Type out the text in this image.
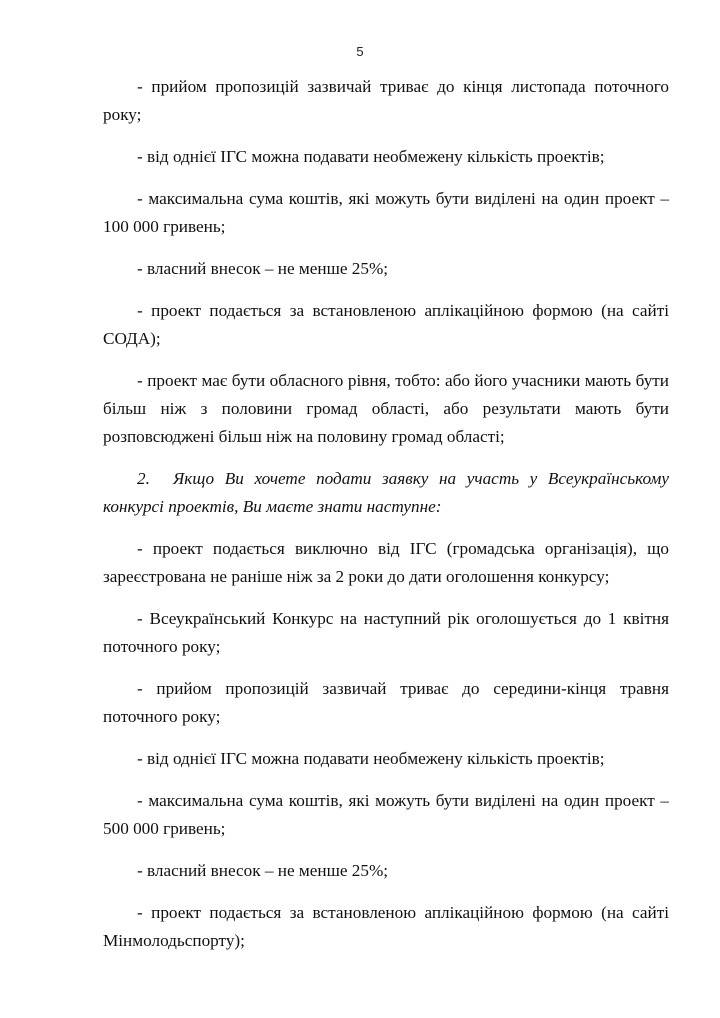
5

- прийом пропозицій зазвичай триває до кінця листопада поточного року;

- від однієї ІГС можна подавати необмежену кількість проектів;

- максимальна сума коштів, які можуть бути виділені на один проект – 100 000 гривень;

- власний внесок – не менше 25%;

- проект подається за встановленою аплікаційною формою (на сайті СОДА);

- проект має бути обласного рівня, тобто: або його учасники мають бути більш ніж з половини громад області, або результати мають бути розповсюджені більш ніж на половину громад області;

2. Якщо Ви хочете подати заявку на участь у Всеукраїнському конкурсі проектів, Ви маєте знати наступне:

- проект подається виключно від ІГС (громадська організація), що зареєстрована не раніше ніж за 2 роки до дати оголошення конкурсу;

- Всеукраїнський Конкурс на наступний рік оголошується до 1 квітня поточного року;

- прийом пропозицій зазвичай триває до середини-кінця травня поточного року;

- від однієї ІГС можна подавати необмежену кількість проектів;

- максимальна сума коштів, які можуть бути виділені на один проект – 500 000 гривень;

- власний внесок – не менше 25%;

- проект подається за встановленою аплікаційною формою (на сайті Мінмолодьспорту);
